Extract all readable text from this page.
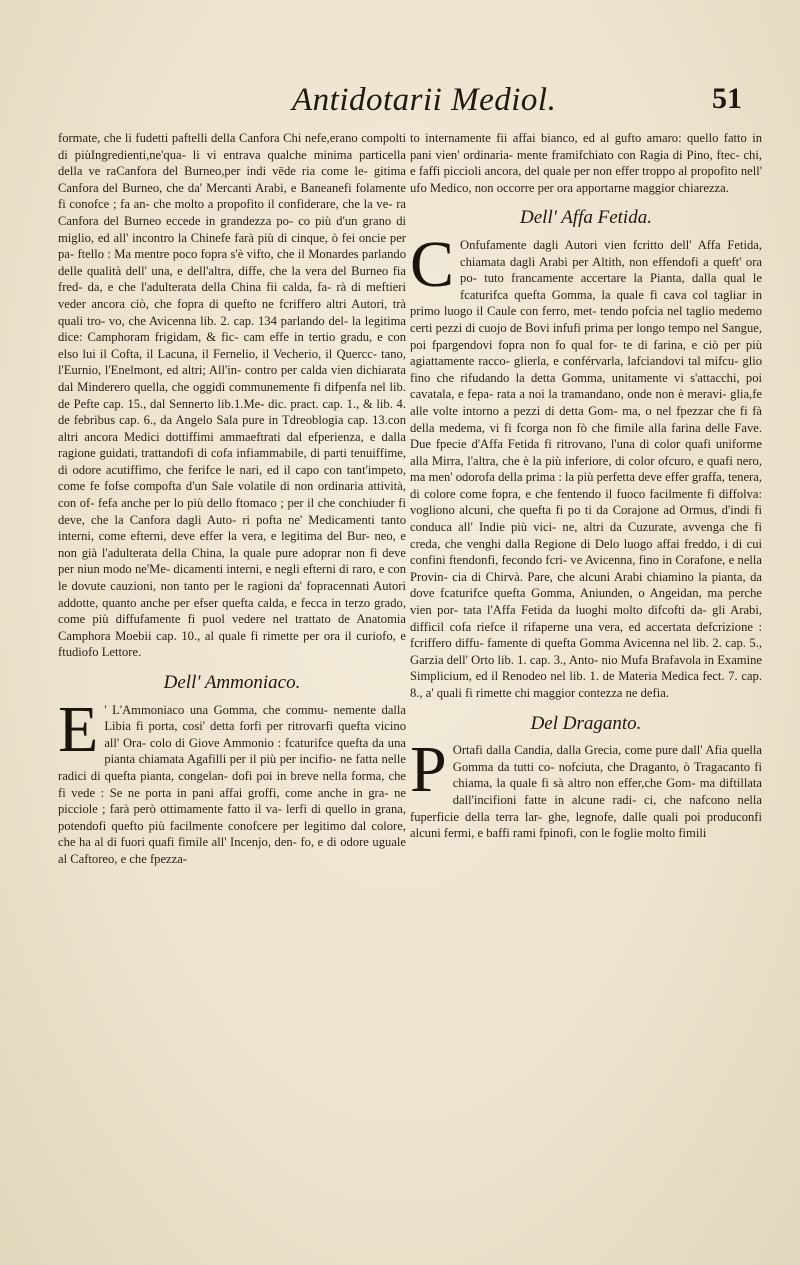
Antidotarii Mediol.	51

formate, che li fudetti paftelli della Canfora Chi nefe,erano compolti di piùIngredienti,ne'qua- li vi entrava qualche minima particella della ve raCanfora del Burneo,per indi vēde ria come le- gitima Canfora del Burneo, che da' Mercanti Arabi, e Baneanefi folamente fi conofce ; fa an- che molto a propofito il confiderare, che la ve- ra Canfora del Burneo eccede in grandezza po- co più d'un grano di miglio, ed all' incontro la Chinefe farà più di cinque, ò fei oncie per pa- ftello : Ma mentre poco fopra s'è vifto, che il Monardes parlando delle qualità dell' una, e dell'altra, diffe, che la vera del Burneo fia fred- da, e che l'adulterata della China fii calda, fa- rà di meftieri veder ancora ciò, che fopra di quefto ne fcriffero altri Autori, trà quali tro- vo, che Avicenna lib. 2. cap. 134 parlando del- la legitima dice: Camphoram frigidam, & fic- cam effe in tertio gradu, e con elso lui il Cofta, il Lacuna, il Fernelio, il Vecherio, il Quercc- tano, l'Eurnio, l'Enelmont, ed altri; All'in- contro per calda vien dichiarata dal Minderero quella, che oggidì communemente fi difpenfa nel lib. de Pefte cap. 15., dal Sennerto lib.1.Me- dic. pract. cap. 1., & lib. 4. de febribus cap. 6., da Angelo Sala pure in Tdreoblogia cap. 13.con altri ancora Medici dottiffimi ammaeftrati dal efperienza, e dalla ragione guidati, trattandofi di cofa infiammabile, di parti tenuiffime, di odore acutiffimo, che ferifce le nari, ed il capo con tant'impeto, come fe fofse compofta d'un Sale volatile di non ordinaria attività, con of- fefa anche per lo più dello ftomaco ; per il che conchiuder fi deve, che la Canfora dagli Auto- ri pofta ne' Medicamenti tanto interni, come efterni, deve effer la vera, e legitima del Bur- neo, e non già l'adulterata della China, la quale pure adoprar non fi deve per niun modo ne'Me- dicamenti interni, e negli efterni di raro, e con le dovute cauzioni, non tanto per le ragioni da' fopracennati Autori addotte, quanto anche per efser quefta calda, e fecca in terzo grado, come più diffufamente fi puol vedere nel trattato de Anatomia Camphora Moebii cap. 10., al quale fi rimette per ora il curiofo, e ftudiofo Lettore.

Dell' Ammoniaco.

E ' L'Ammoniaco una Gomma, che commu- nemente dalla Libia fi porta, cosi' detta forfi per ritrovarfi quefta vicino all' Ora- colo di Giove Ammonio : fcaturifce quefta da una pianta chiamata Agafilli per il più per incifio- ne fatta nelle radici di quefta pianta, congelan- dofi poi in breve nella forma, che fi vede : Se ne porta in pani affai groffi, come anche in gra- ne picciole ; farà però ottimamente fatto il va- lerfi di quello in grana, potendofi quefto più facilmente conofcere per legitimo dal colore, che ha al di fuori quafi fimile all' Incenjo, den- fo, e di odore uguale al Caftoreo, e che fpezza-

to internamente fii affai bianco, ed al gufto amaro: quello fatto in pani vien' ordinaria- mente framifchiato con Ragia di Pino, ftec- chi, e faffi piccioli ancora, del quale per non effer troppo al propofito nell' ufo Medico, non occorre per ora apportarne maggior chiarezza.

Dell' Affa Fetida.

C Onfufamente dagli Autori vien fcritto dell' Affa Fetida, chiamata dagli Arabi per Altith, non effendofi a queft' ora po- tuto francamente accertare la Pianta, dalla qual le fcaturifca quefta Gomma, la quale fi cava col tagliar in primo luogo il Caule con ferro, met- tendo pofcia nel taglio medemo certi pezzi di cuojo de Bovi infufi prima per longo tempo nel Sangue, poi fpargendovi fopra non fo qual for- te di farina, e ciò per più agiattamente racco- glierla, e conférvarla, lafciandovi tal mifcu- glio fino che rifudando la detta Gomma, unitamente vi s'attacchi, poi cavatala, e fepa- rata a noi la tramandano, onde non è meravi- glia,fe alle volte intorno a pezzi di detta Gom- ma, o nel fpezzar che fi fà della medema, vi fi fcorga non fò che fimile alla farina delle Fave. Due fpecie d'Affa Fetida fi ritrovano, l'una di color quafi uniforme alla Mirra, l'altra, che è la più inferiore, di color ofcuro, e quafi nero, ma men' odorofa della prima : la più perfetta deve effer graffa, tenera, di colore come fopra, e che fentendo il fuoco facilmente fi diffolva: vogliono alcuni, che quefta fi po ti da Corajone ad Ormus, d'indi fi conduca all' Indie più vici- ne, altri da Cuzurate, avvenga che fi creda, che venghi dalla Regione di Delo luogo affai freddo, i di cui confini ftendonfi, fecondo fcri- ve Avicenna, fino in Corafone, e nella Provin- cia di Chirvà. Pare, che alcuni Arabi chiamino la pianta, da dove fcaturifce quefta Gomma, Aniunden, o Angeidan, ma perche vien por- tata l'Affa Fetida da luoghi molto difcofti da- gli Arabi, difficil cofa riefce il rifaperne una vera, ed accertata defcrizione : fcriffero diffu- famente di quefta Gomma Avicenna nel lib. 2. cap. 5., Garzia dell' Orto lib. 1. cap. 3., Anto- nio Mufa Brafavola in Examine Simplicium, ed il Renodeo nel lib. 1. de Materia Medica fect. 7. cap. 8., a' quali fi rimette chi maggior contezza ne defia.

Del Draganto.

P Ortafi dalla Candia, dalla Grecia, come pure dall' Afia quella Gomma da tutti co- nofciuta, che Draganto, ò Tragacanto fi chiama, la quale fi sà altro non effer,che Gom- ma diftillata dall'incifioni fatte in alcune radi- ci, che nafcono nella fuperficie della terra lar- ghe, legnofe, dalle quali poi produconfi alcuni fermi, e baffi rami fpinofi, con le foglie molto fimili
